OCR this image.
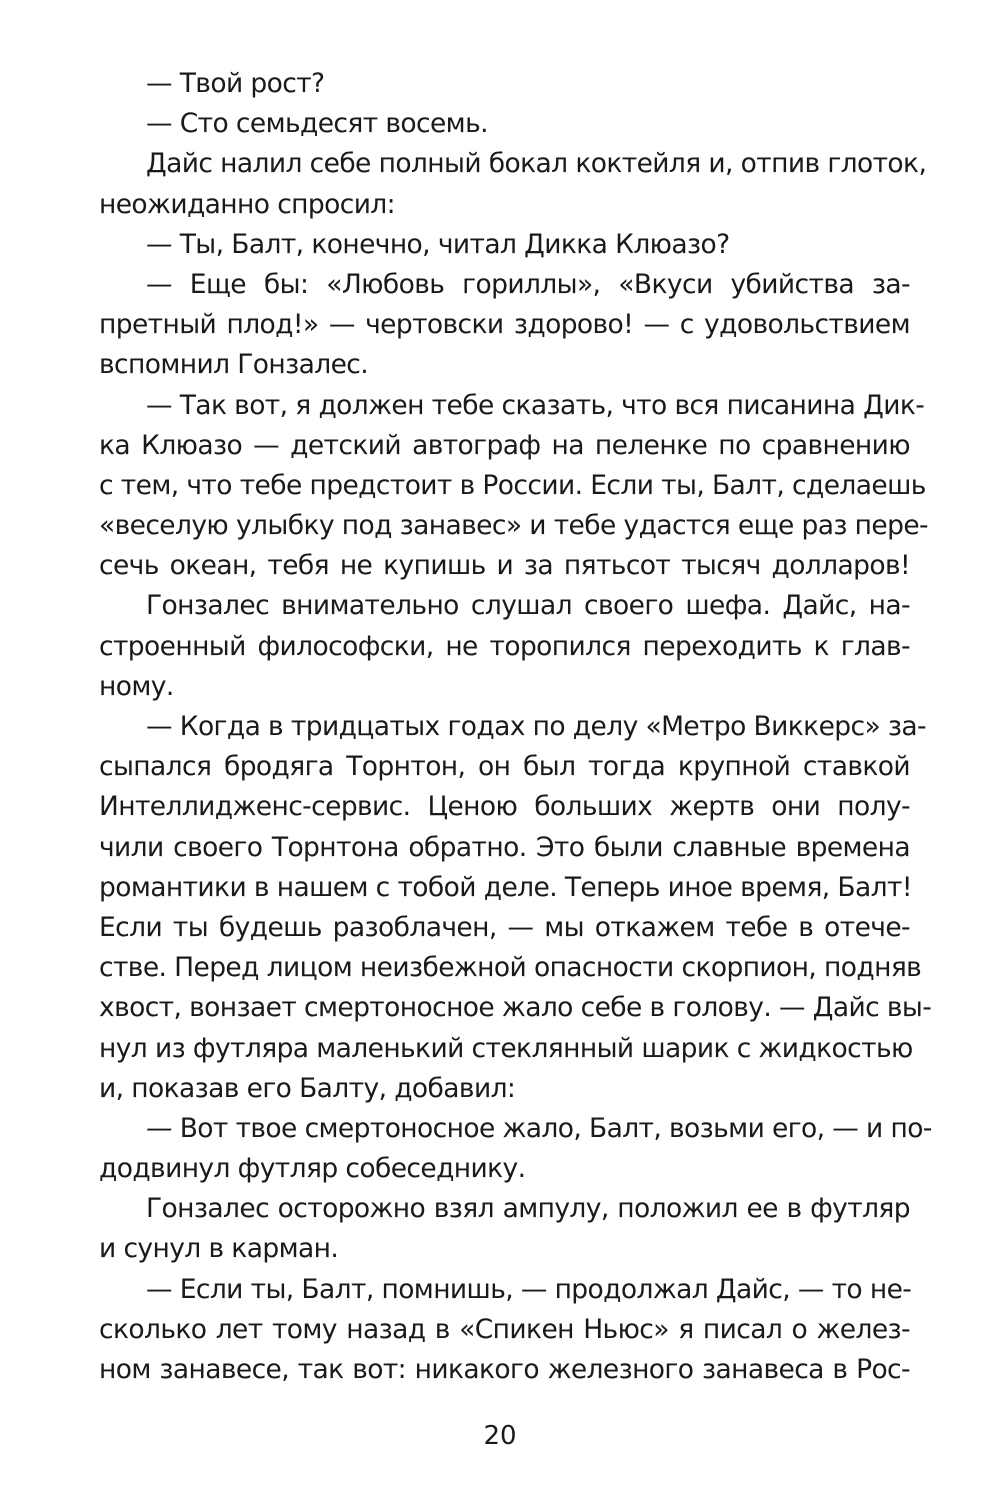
— Твой рост?
— Сто семьдесят восемь.
Дайс налил себе полный бокал коктейля и, отпив глоток,
неожиданно спросил:
— Ты, Балт, конечно, читал Дикка Клюазо?
— Еще бы: «Любовь гориллы», «Вкуси убийства за-
претный плод!» — чертовски здорово! — с удовольствием
вспомнил Гонзалес.
— Так вот, я должен тебе сказать, что вся писанина Дик-
ка Клюазо — детский автограф на пеленке по сравнению
с тем, что тебе предстоит в России. Если ты, Балт, сделаешь
«веселую улыбку под занавес» и тебе удастся еще раз пере-
сечь океан, тебя не купишь и за пятьсот тысяч долларов!
Гонзалес внимательно слушал своего шефа. Дайс, на-
строенный философски, не торопился переходить к глав-
ному.
— Когда в тридцатых годах по делу «Метро Виккерс» за-
сыпался бродяга Торнтон, он был тогда крупной ставкой
Интеллидженс-сервис. Ценою больших жертв они полу-
чили своего Торнтона обратно. Это были славные времена
романтики в нашем с тобой деле. Теперь иное время, Балт!
Если ты будешь разоблачен, — мы откажем тебе в отече-
стве. Перед лицом неизбежной опасности скорпион, подняв
хвост, вонзает смертоносное жало себе в голову. — Дайс вы-
нул из футляра маленький стеклянный шарик с жидкостью
и, показав его Балту, добавил:
— Вот твое смертоносное жало, Балт, возьми его, — и по-
додвинул футляр собеседнику.
Гонзалес осторожно взял ампулу, положил ее в футляр
и сунул в карман.
— Если ты, Балт, помнишь, — продолжал Дайс, — то не-
сколько лет тому назад в «Спикен Ньюс» я писал о желез-
ном занавесе, так вот: никакого железного занавеса в Рос-
20
